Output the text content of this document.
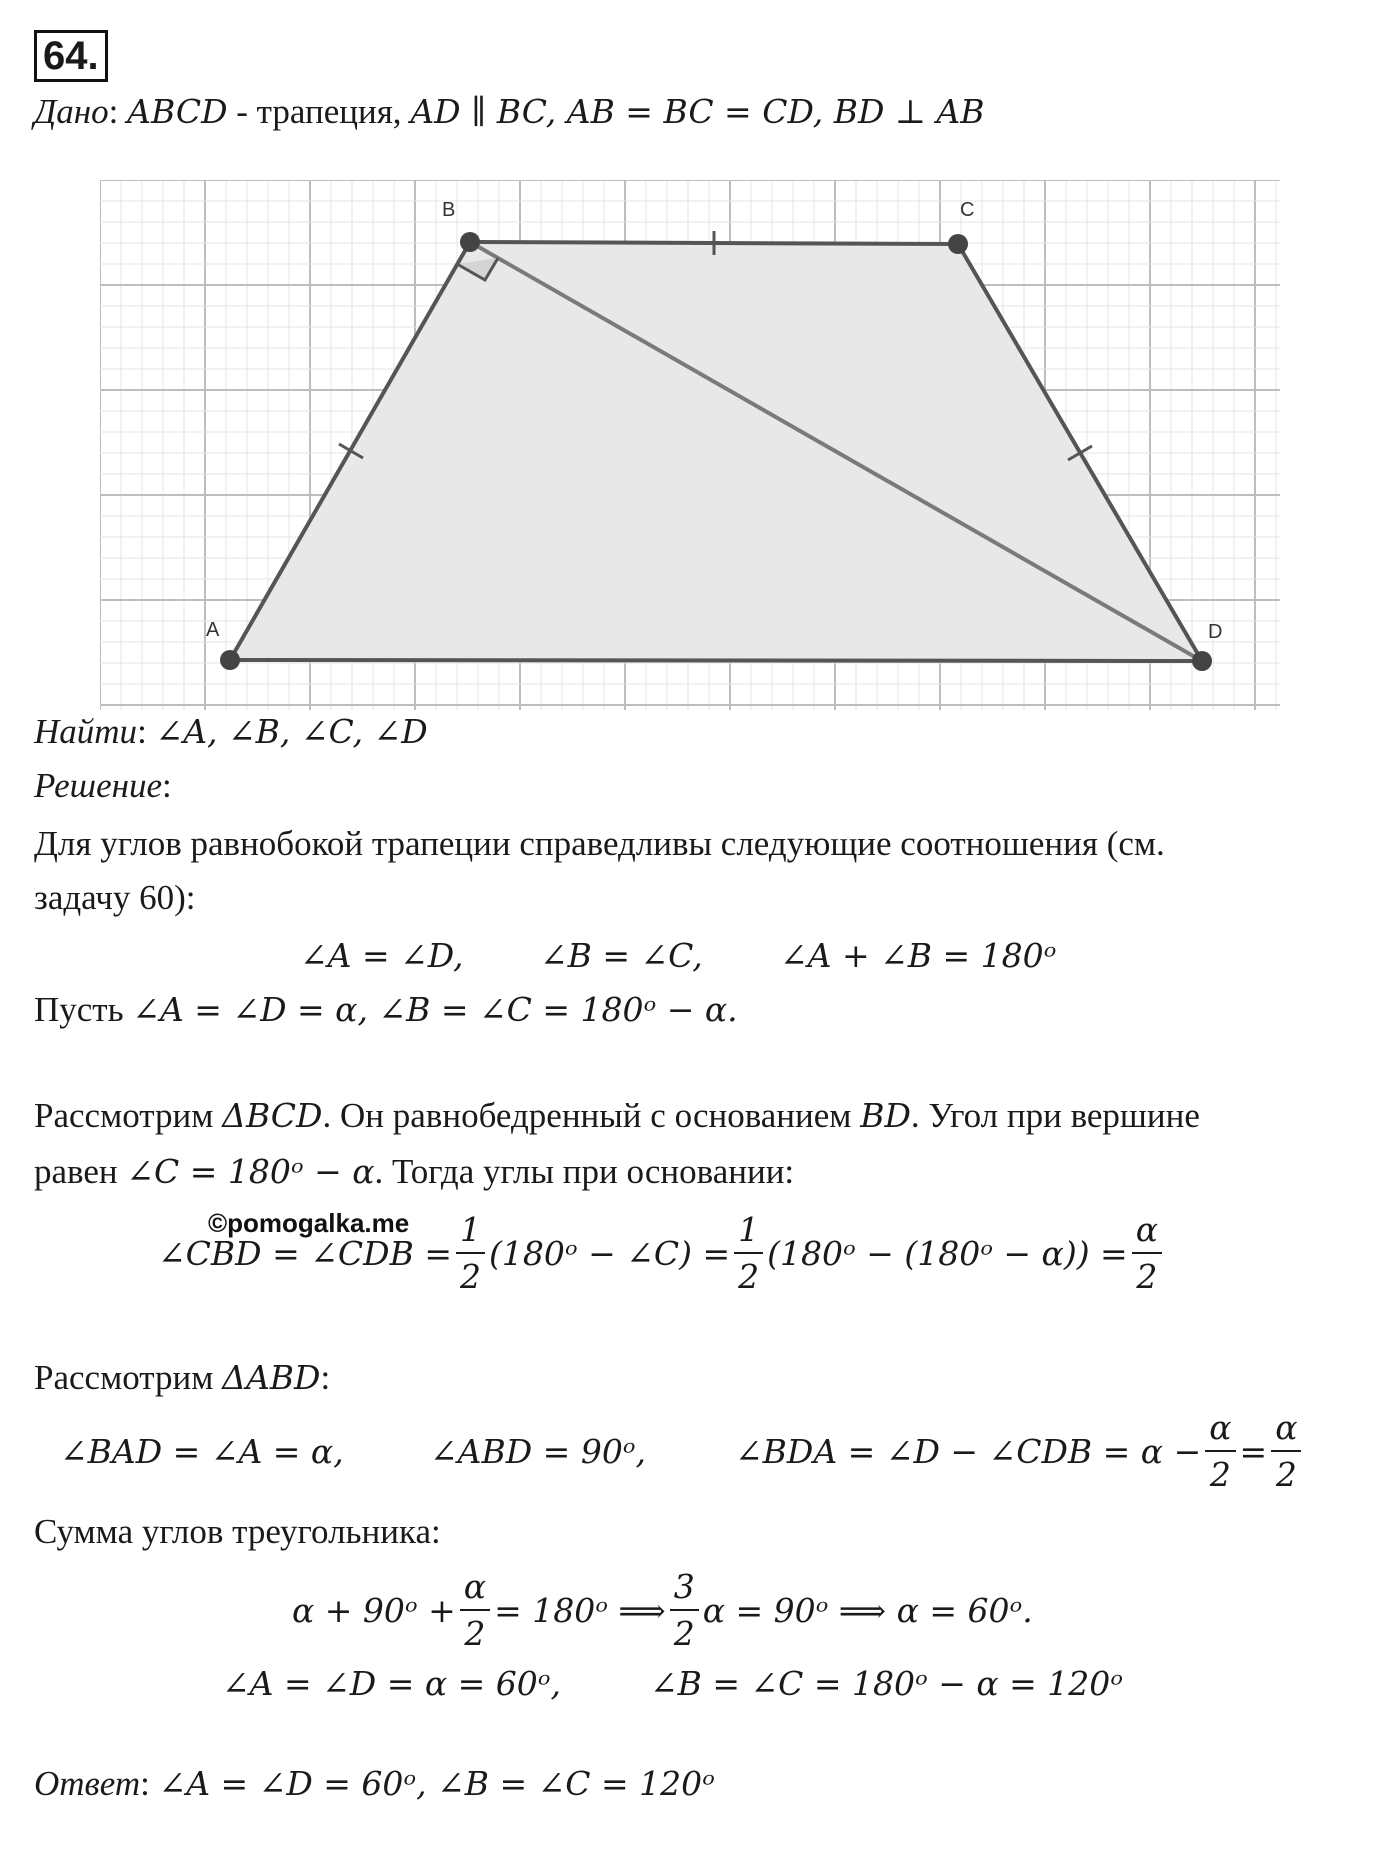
64.
Дано: ABCD - трапеция, AD ∥ BC, AB = BC = CD, BD ⊥ AB
A
B	C
D
Найти: ∠A, ∠B, ∠C, ∠D
Решение:
Для углов равнобокой трапеции справедливы следующие соотношения (см.
задачу 60):
∠A = ∠D, ∠B = ∠C, ∠A + ∠B = 180ᵒ
Пусть ∠A = ∠D = α, ∠B = ∠C = 180ᵒ − α.
Рассмотрим ΔBCD. Он равнобедренный с основанием BD. Угол при вершине
равен ∠C = 180ᵒ − α. Тогда углы при основании:
©pomogalka.me
∠CBD = ∠CDB = $\frac{1}{2}$ (180ᵒ − ∠C) = $\frac{1}{2}$ (180ᵒ − (180ᵒ − $\alpha)) = \frac{\alpha}{2}$
Рассмотрим ΔABD:
∠BAD = ∠A = α,	∠ABD = 90ᵒ,	∠BDA = ∠D − ∠CDB = $\alpha - \frac{\alpha}{2} = \frac{\alpha}{2}$
Сумма углов треугольника:
α + 90ᵒ + $\frac{\alpha}{2}$ = 180ᵒ ⟹ $\frac{3}{2}$ α = 90ᵒ ⟹ α = 60ᵒ.
∠A = ∠D = α = 60ᵒ,	∠B = ∠C = 180ᵒ − α = 120ᵒ
Ответ: ∠A = ∠D = 60ᵒ, ∠B = ∠C = 120ᵒ
